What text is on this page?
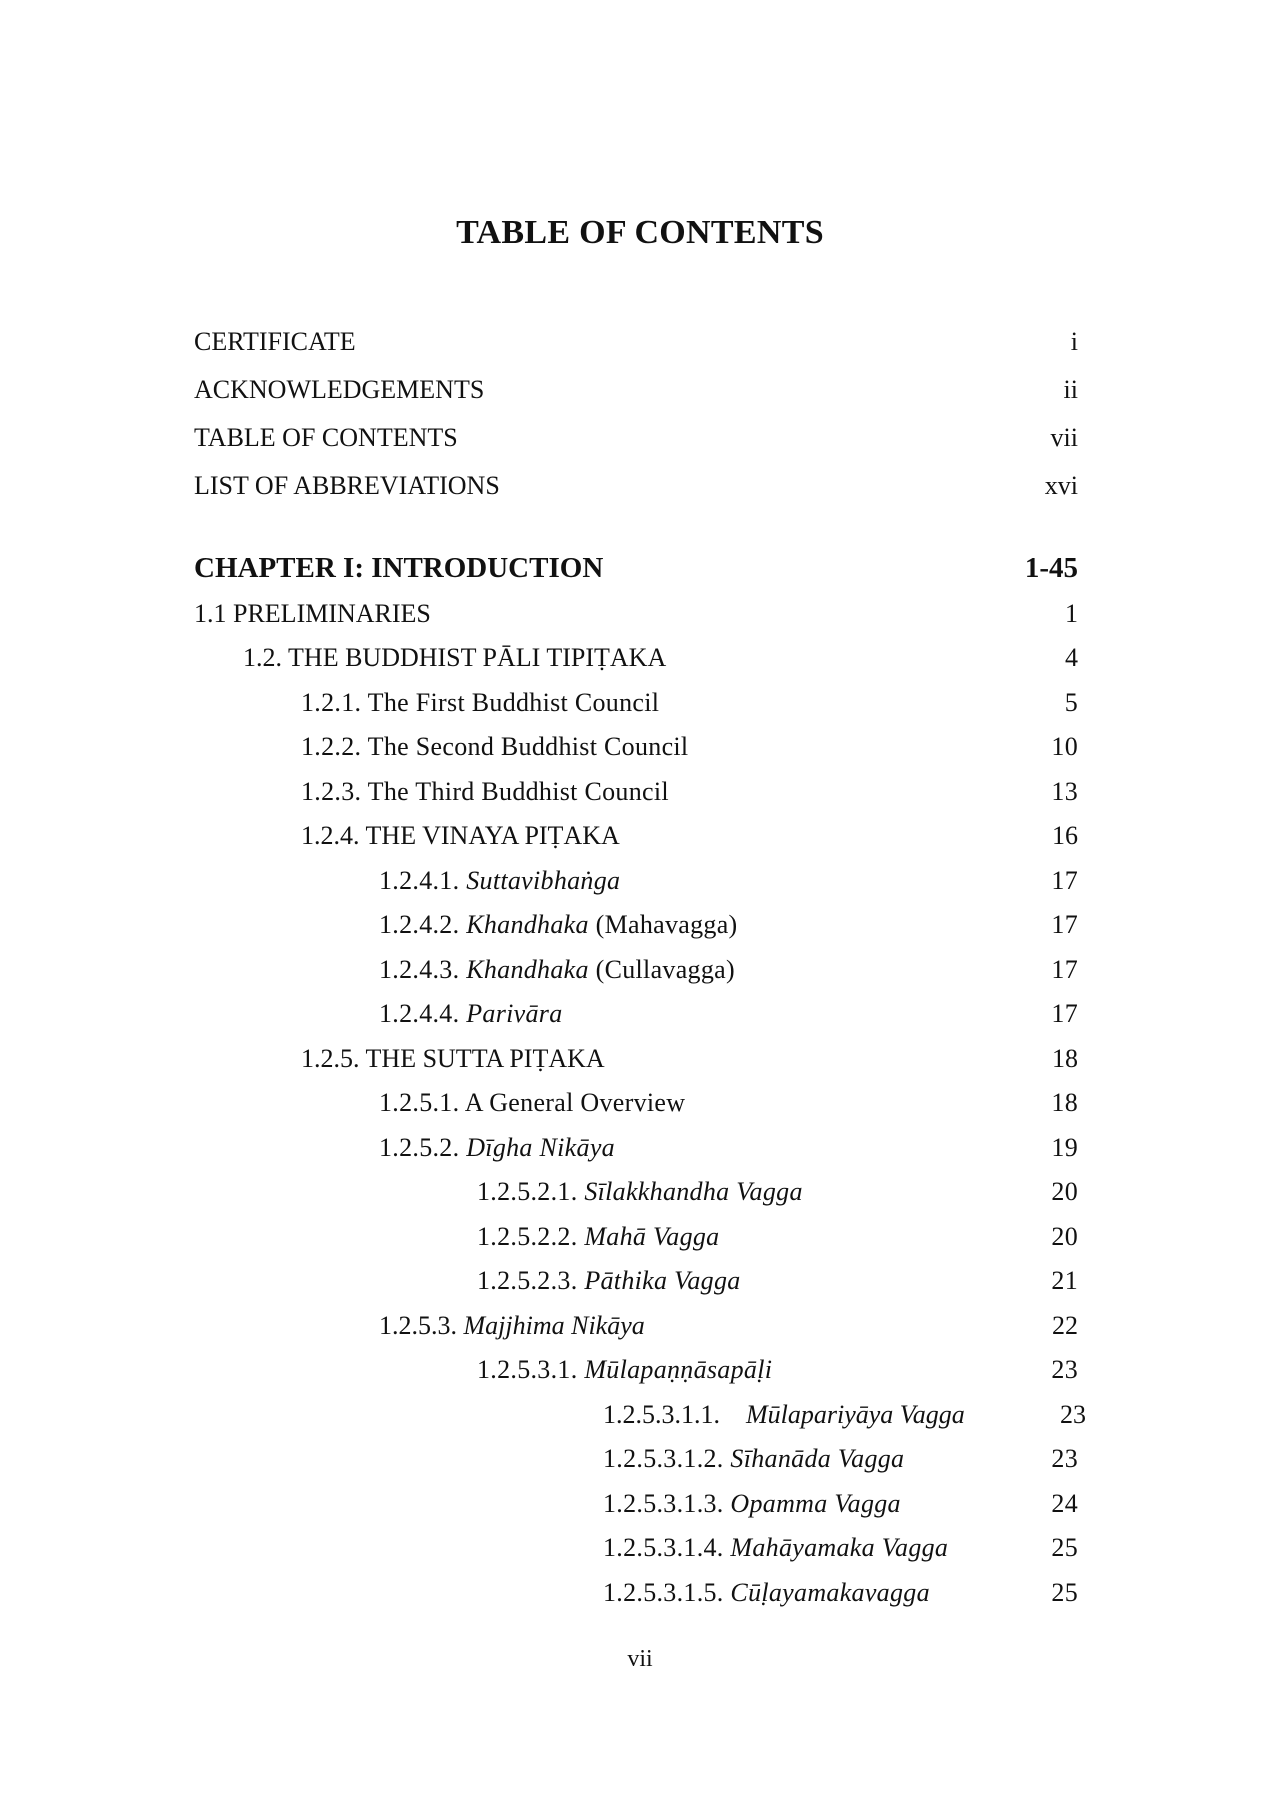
TABLE OF CONTENTS
CERTIFICATE	i
ACKNOWLEDGEMENTS	ii
TABLE OF CONTENTS	vii
LIST OF ABBREVIATIONS	xvi
CHAPTER I: INTRODUCTION	1-45
1.1 PRELIMINARIES	1
1.2. THE BUDDHIST PĀLI TIPIṬAKA	4
1.2.1. The First Buddhist Council	5
1.2.2. The Second Buddhist Council	10
1.2.3. The Third Buddhist Council	13
1.2.4. THE VINAYA PIṬAKA	16
1.2.4.1. Suttavibhaṅga	17
1.2.4.2. Khandhaka (Mahavagga)	17
1.2.4.3. Khandhaka (Cullavagga)	17
1.2.4.4. Parivāra	17
1.2.5. THE SUTTA PIṬAKA	18
1.2.5.1. A General Overview	18
1.2.5.2. Dīgha Nikāya	19
1.2.5.2.1. Sīlakkhandha Vagga	20
1.2.5.2.2. Mahā Vagga	20
1.2.5.2.3. Pāthika Vagga	21
1.2.5.3. Majjhima Nikāya	22
1.2.5.3.1. Mūlapaṇṇāsapāḷi	23
1.2.5.3.1.1. Mūlapariyāya Vagga	23
1.2.5.3.1.2. Sīhanāda Vagga	23
1.2.5.3.1.3. Opamma Vagga	24
1.2.5.3.1.4. Mahāyamaka Vagga	25
1.2.5.3.1.5. Cūḷayamakavagga	25
vii
